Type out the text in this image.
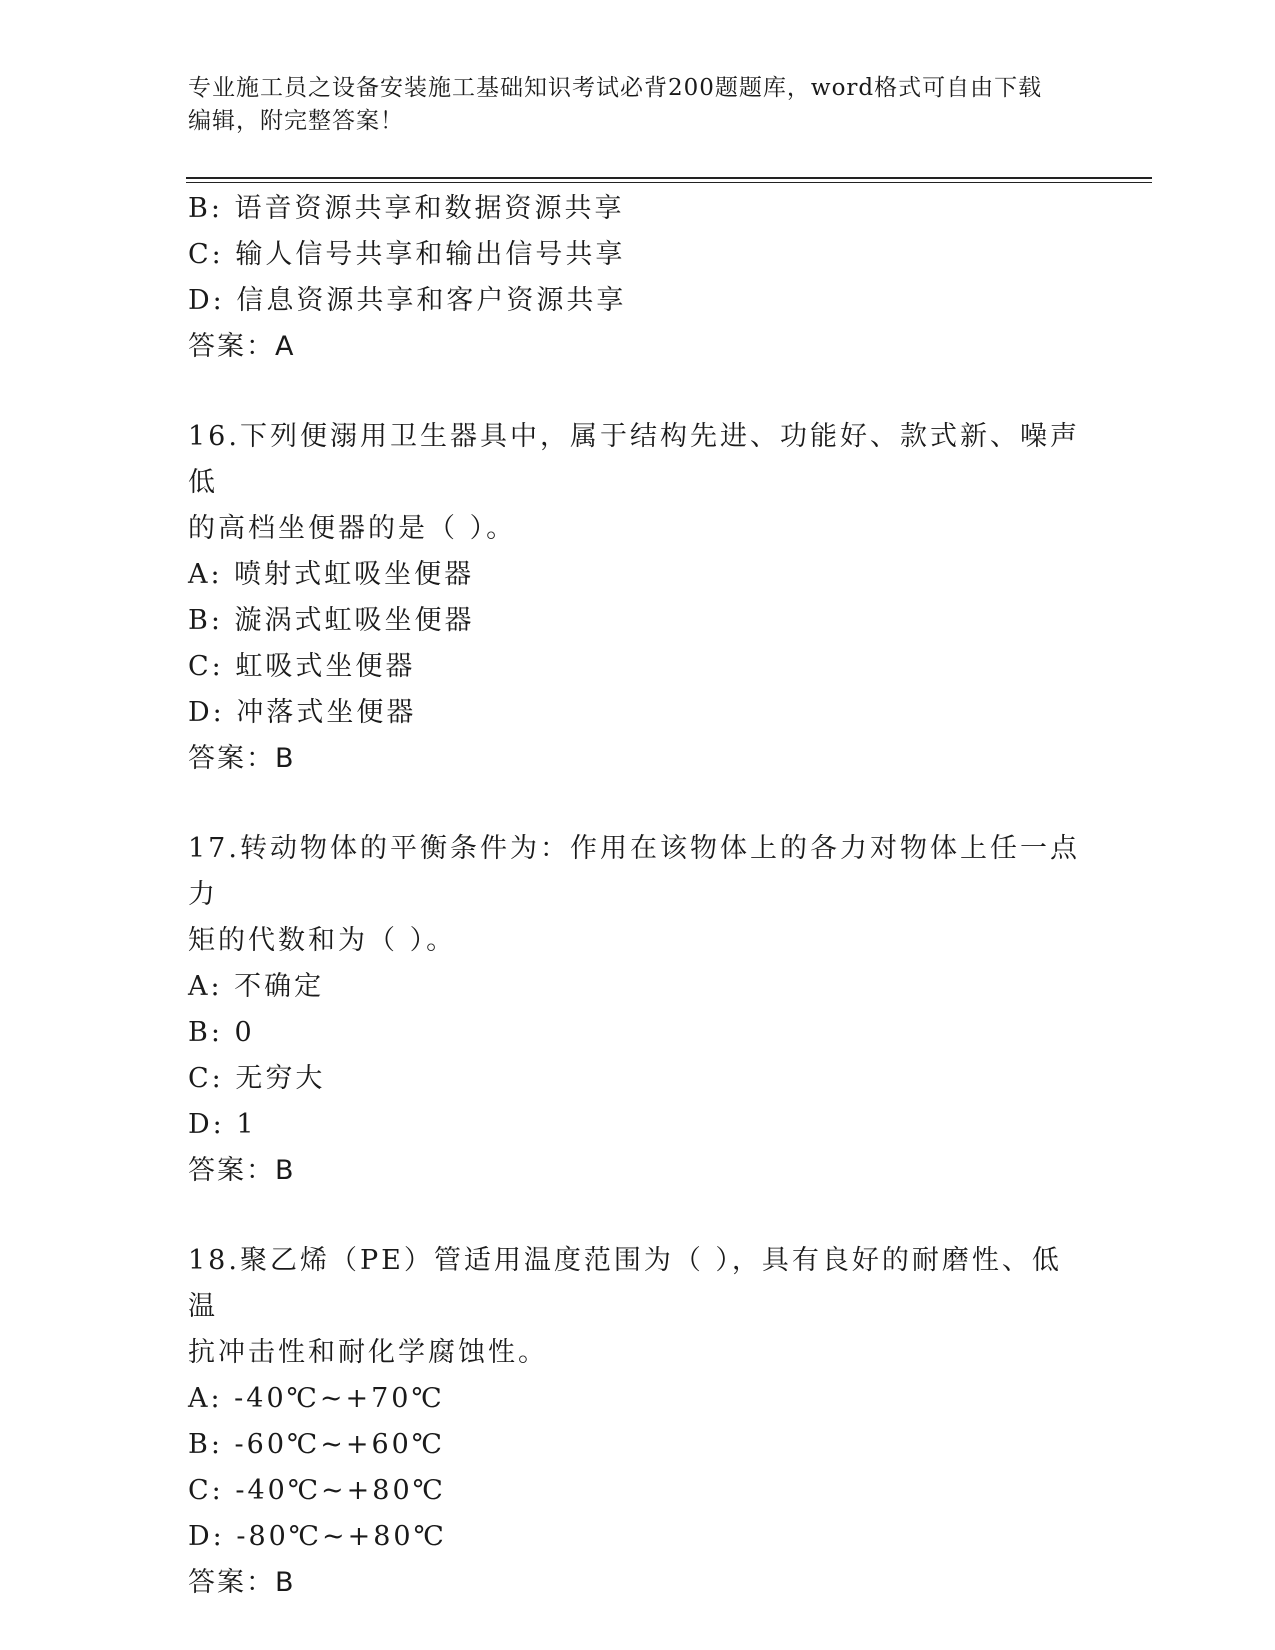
专业施工员之设备安装施工基础知识考试必背200题题库，word格式可自由下载
编辑，附完整答案！
B: 语音资源共享和数据资源共享
C: 输人信号共享和输出信号共享
D: 信息资源共享和客户资源共享
答案：A
16.下列便溺用卫生器具中，属于结构先进、功能好、款式新、噪声低
的高档坐便器的是（ ）。
A: 喷射式虹吸坐便器
B: 漩涡式虹吸坐便器
C: 虹吸式坐便器
D: 冲落式坐便器
答案：B
17.转动物体的平衡条件为：作用在该物体上的各力对物体上任一点力
矩的代数和为（ ）。
A: 不确定
B: 0
C: 无穷大
D: 1
答案：B
18.聚乙烯（PE）管适用温度范围为（ ），具有良好的耐磨性、低温
抗冲击性和耐化学腐蚀性。
A: -40℃~+70℃
B: -60℃~+60℃
C: -40℃~+80℃
D: -80℃~+80℃
答案：B
